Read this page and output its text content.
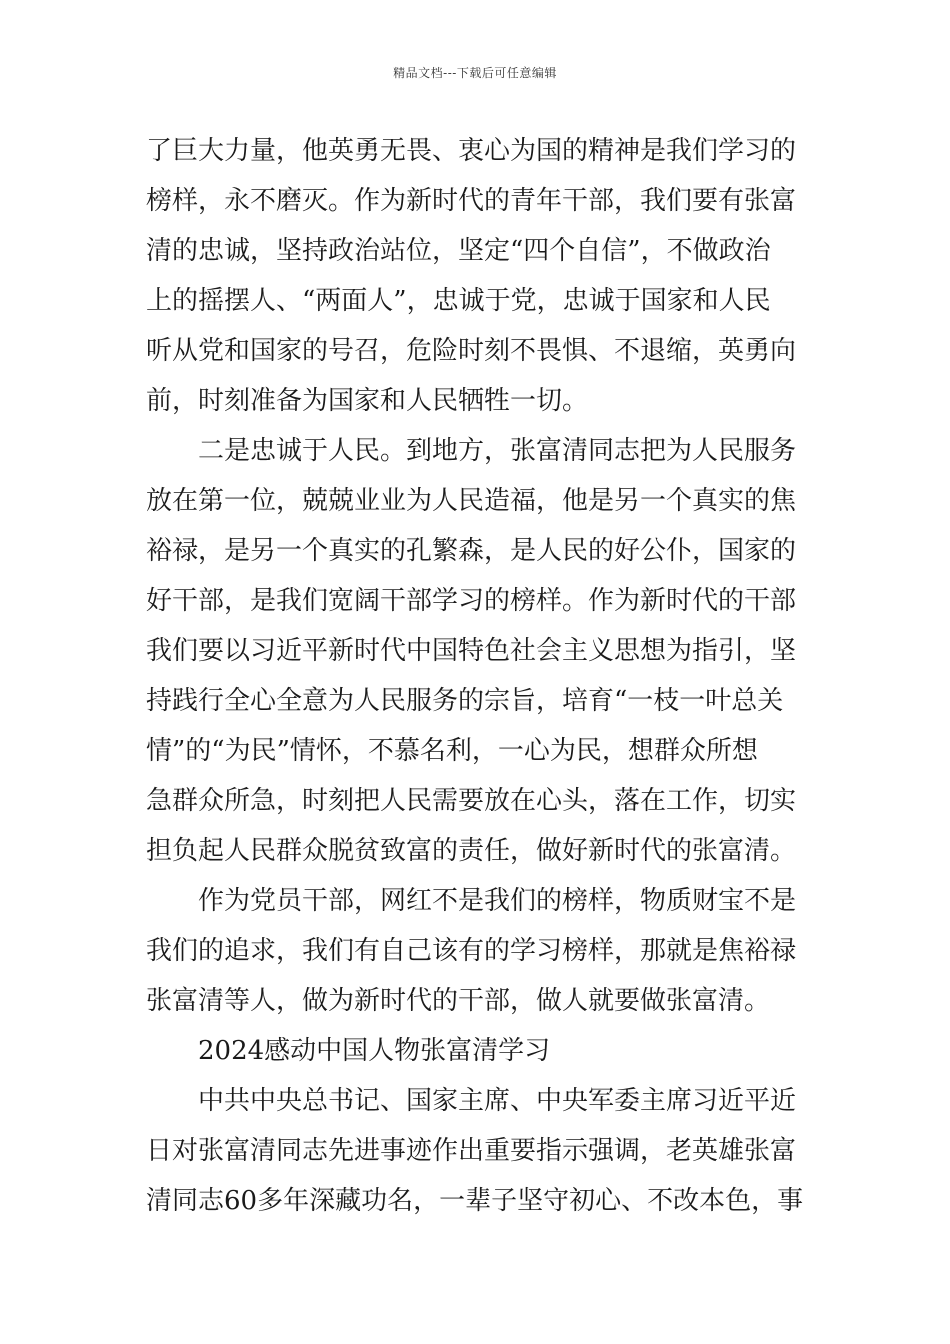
精品文档---下载后可任意编辑
了巨大力量，他英勇无畏、衷心为国的精神是我们学习的
榜样，永不磨灭。作为新时代的青年干部，我们要有张富
清的忠诚，坚持政治站位，坚定“四个自信”，不做政治
上的摇摆人、“两面人”，忠诚于党，忠诚于国家和人民
听从党和国家的号召，危险时刻不畏惧、不退缩，英勇向
前，时刻准备为国家和人民牺牲一切。
二是忠诚于人民。到地方，张富清同志把为人民服务
放在第一位，兢兢业业为人民造福，他是另一个真实的焦
裕禄，是另一个真实的孔繁森，是人民的好公仆，国家的
好干部，是我们宽阔干部学习的榜样。作为新时代的干部
我们要以习近平新时代中国特色社会主义思想为指引，坚
持践行全心全意为人民服务的宗旨，培育“一枝一叶总关
情”的“为民”情怀，不慕名利，一心为民，想群众所想
急群众所急，时刻把人民需要放在心头，落在工作，切实
担负起人民群众脱贫致富的责任，做好新时代的张富清。
作为党员干部，网红不是我们的榜样，物质财宝不是
我们的追求，我们有自己该有的学习榜样，那就是焦裕禄
张富清等人，做为新时代的干部，做人就要做张富清。
2024感动中国人物张富清学习
中共中央总书记、国家主席、中央军委主席习近平近
日对张富清同志先进事迹作出重要指示强调，老英雄张富
清同志60多年深藏功名，一辈子坚守初心、不改本色，事
